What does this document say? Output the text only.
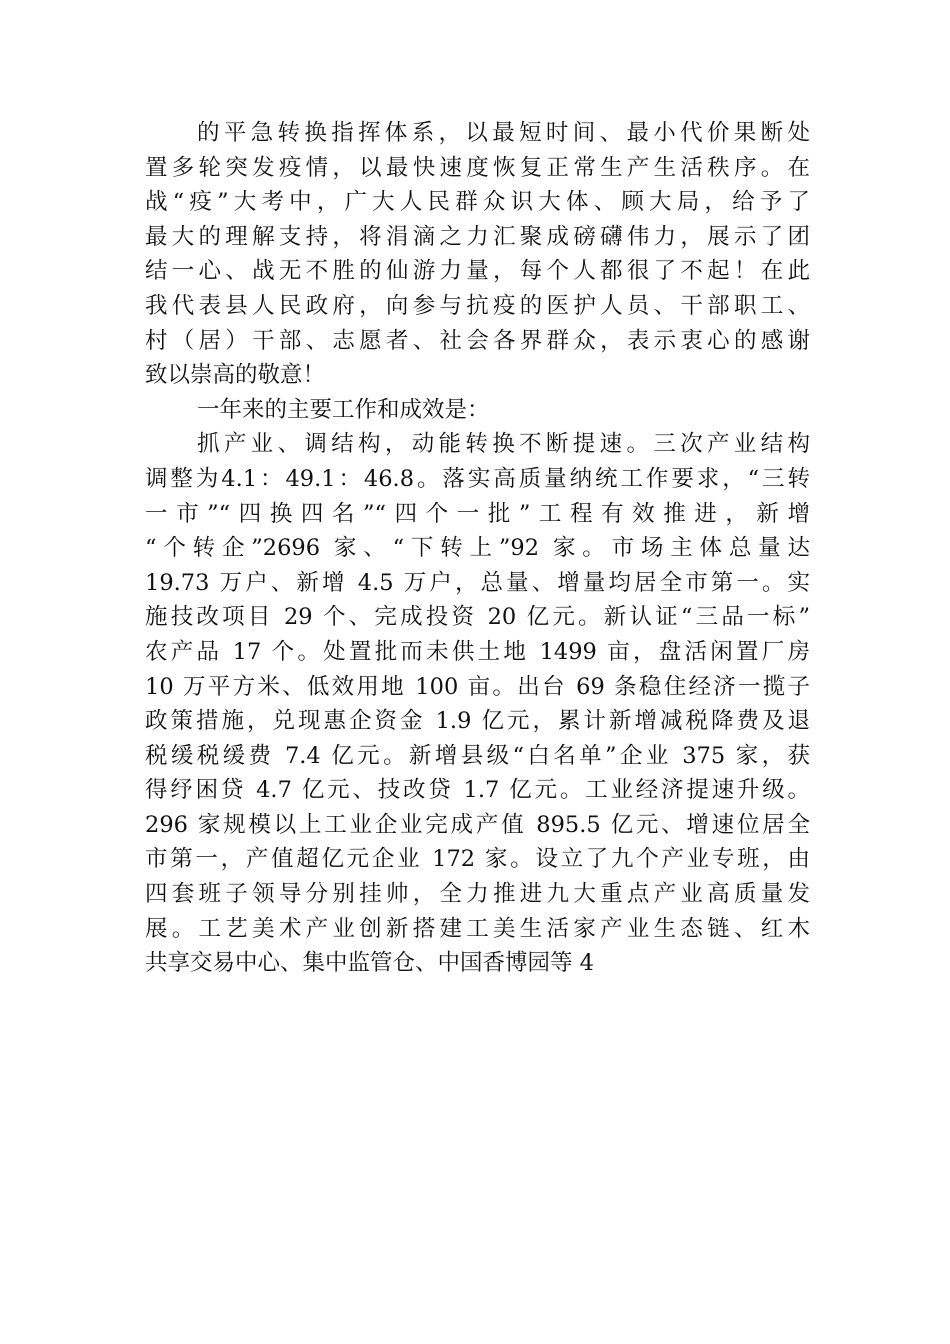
的平急转换指挥体系，以最短时间、最小代价果断处
置多轮突发疫情，以最快速度恢复正常生产生活秩序。在
战“疫”大考中，广大人民群众识大体、顾大局，给予了
最大的理解支持，将涓滴之力汇聚成磅礴伟力，展示了团
结一心、战无不胜的仙游力量，每个人都很了不起！在此
我代表县人民政府，向参与抗疫的医护人员、干部职工、
村（居）干部、志愿者、社会各界群众，表示衷心的感谢
致以崇高的敬意！
一年来的主要工作和成效是：
抓产业、调结构，动能转换不断提速。三次产业结构
调整为4.1：49.1：46.8。落实高质量纳统工作要求，“三转
一市”“四换四名”“四个一批”工程有效推进，新增
“个转企”2696 家、“下转上”92 家。市场主体总量达
19.73 万户、新增 4.5 万户，总量、增量均居全市第一。实
施技改项目 29 个、完成投资 20 亿元。新认证“三品一标”
农产品 17 个。处置批而未供土地 1499 亩，盘活闲置厂房
10 万平方米、低效用地 100 亩。出台 69 条稳住经济一揽子
政策措施，兑现惠企资金 1.9 亿元，累计新增减税降费及退
税缓税缓费 7.4 亿元。新增县级“白名单”企业 375 家，获
得纾困贷 4.7 亿元、技改贷 1.7 亿元。工业经济提速升级。
296 家规模以上工业企业完成产值 895.5 亿元、增速位居全
市第一，产值超亿元企业 172 家。设立了九个产业专班，由
四套班子领导分别挂帅，全力推进九大重点产业高质量发
展。工艺美术产业创新搭建工美生活家产业生态链、红木
共享交易中心、集中监管仓、中国香博园等 4
